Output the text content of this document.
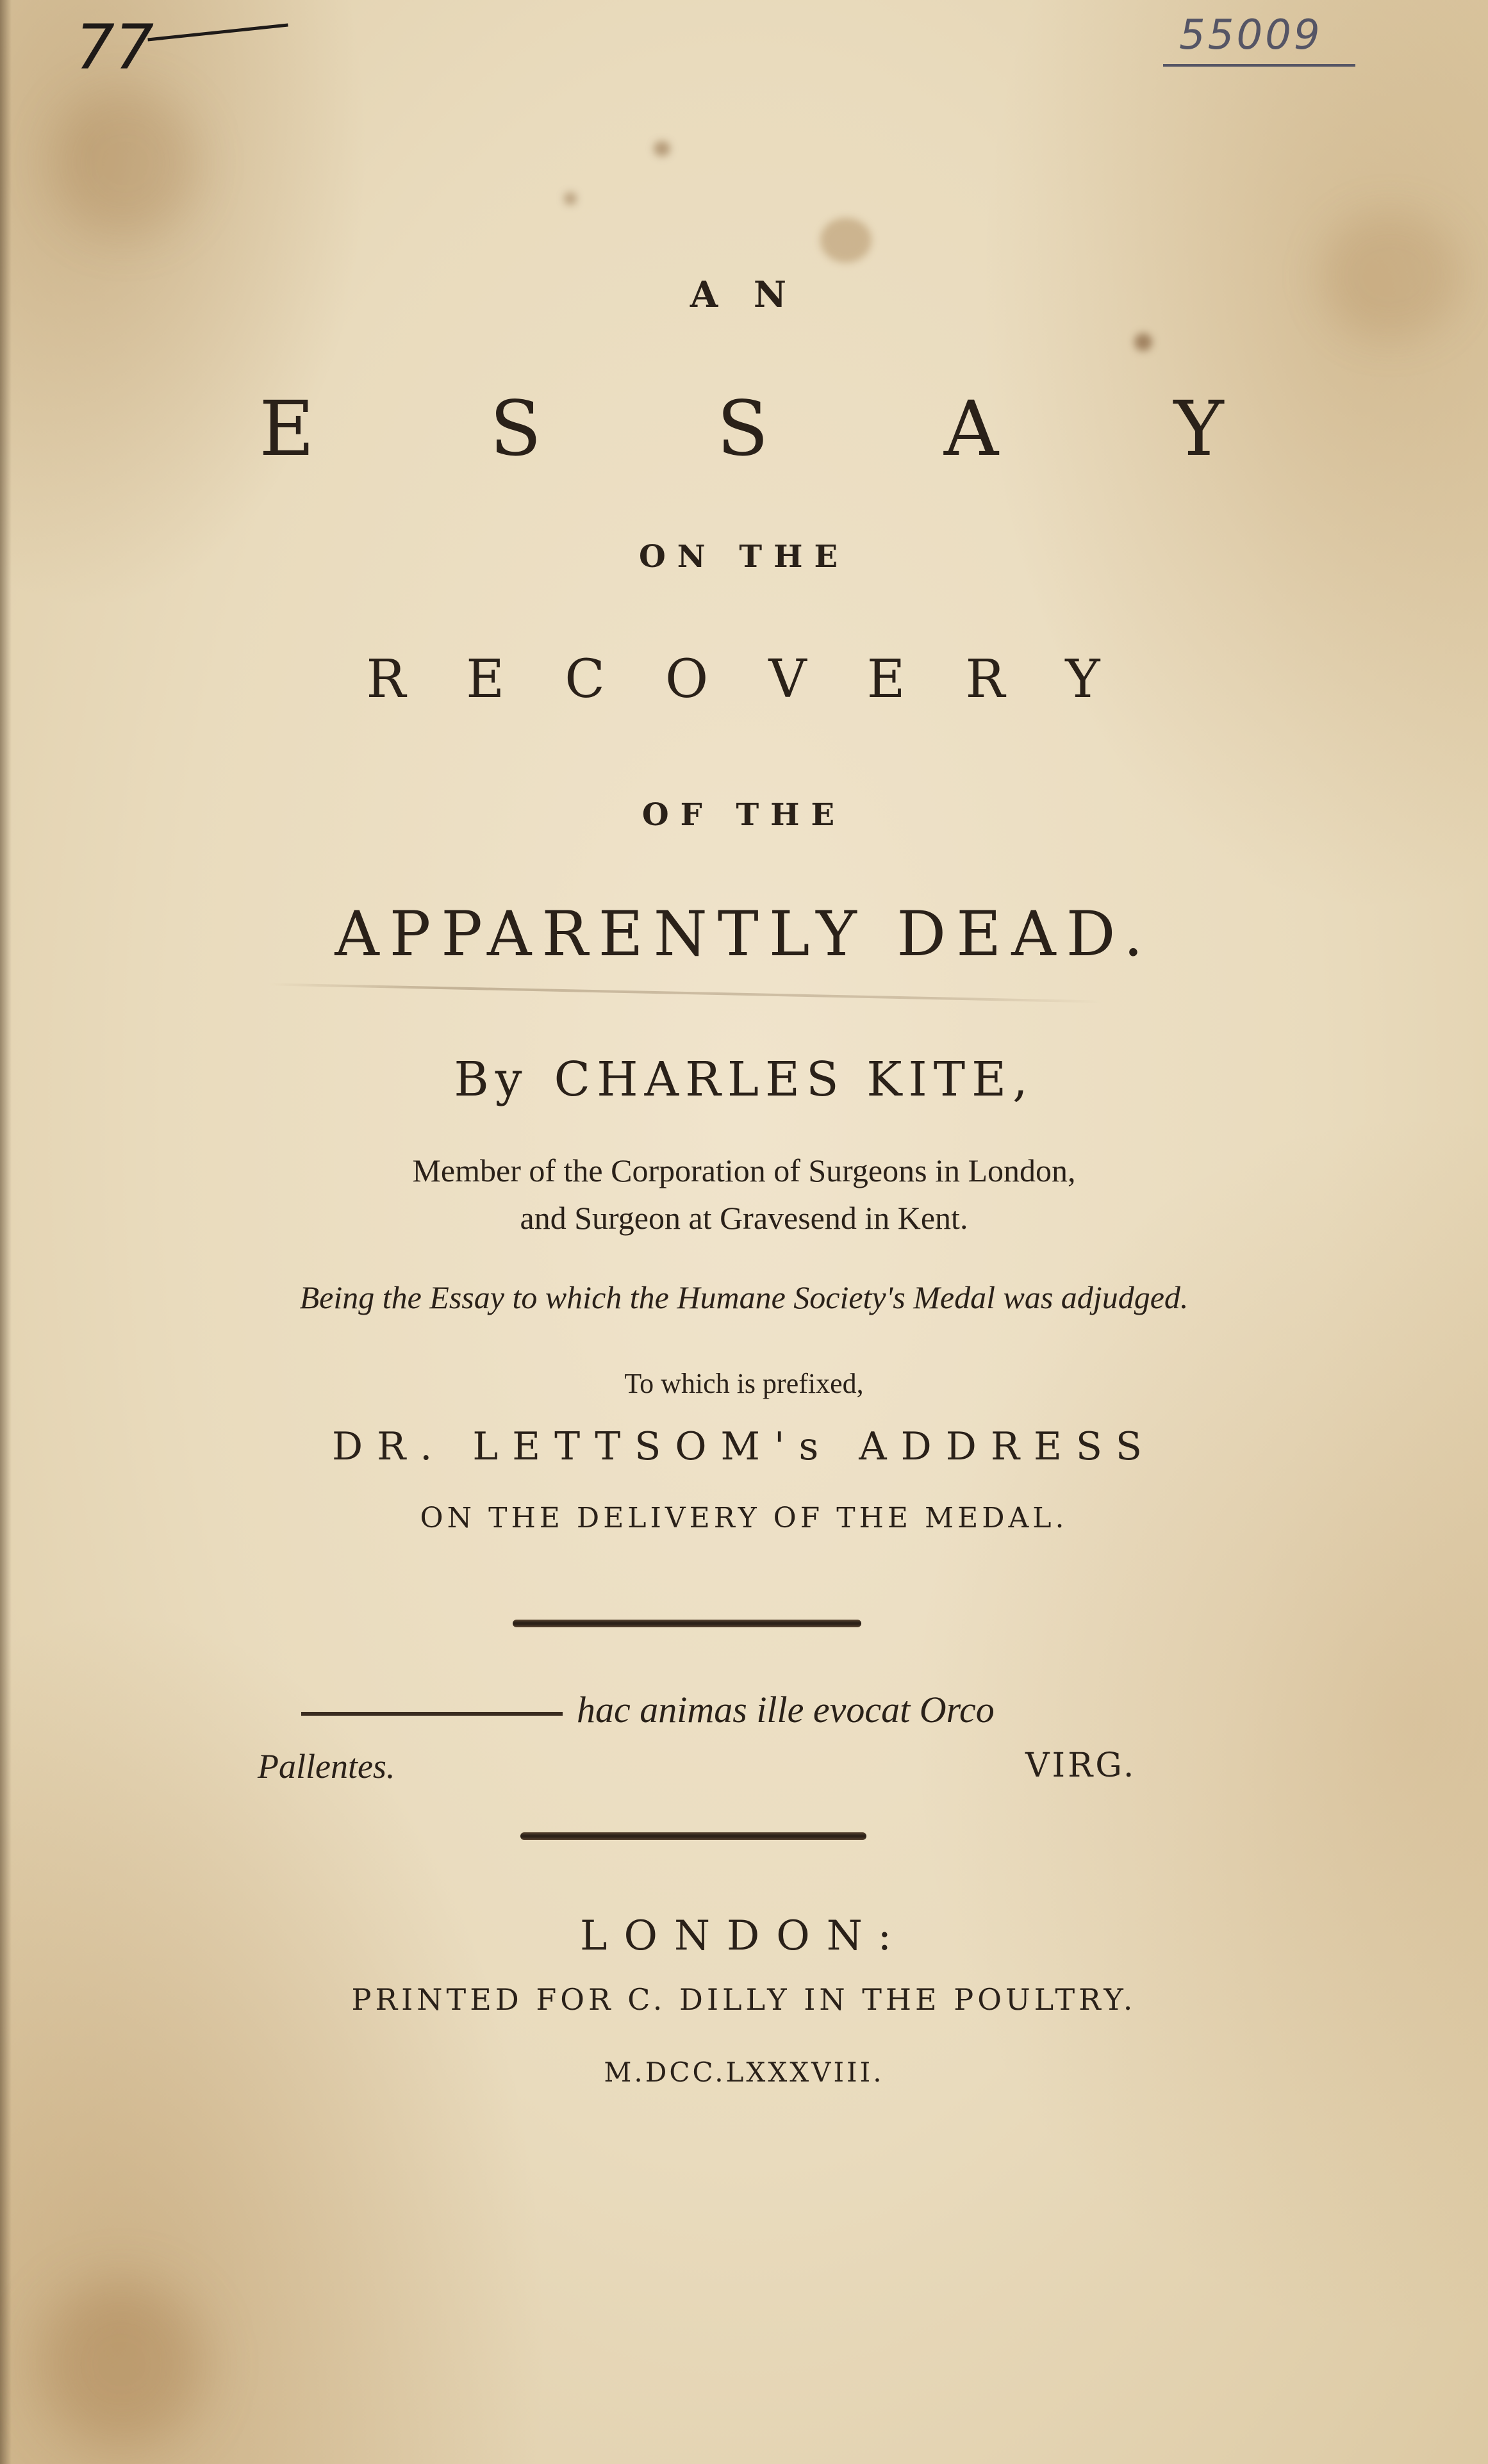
77	55009
A N
E S S A Y
ON THE
R E C O V E R Y
OF THE
APPARENTLY DEAD.
By CHARLES KITE,
Member of the Corporation of Surgeons in London,
and Surgeon at Gravesend in Kent.
Being the Essay to which the Humane Society's Medal was adjudged.
To which is prefixed,
DR. LETTSOM's ADDRESS
ON THE DELIVERY OF THE MEDAL.
hac animas ille evocat Orco
Pallentes.	VIRG.
LONDON:
PRINTED FOR C. DILLY IN THE POULTRY.
M.DCC.LXXXVIII.
